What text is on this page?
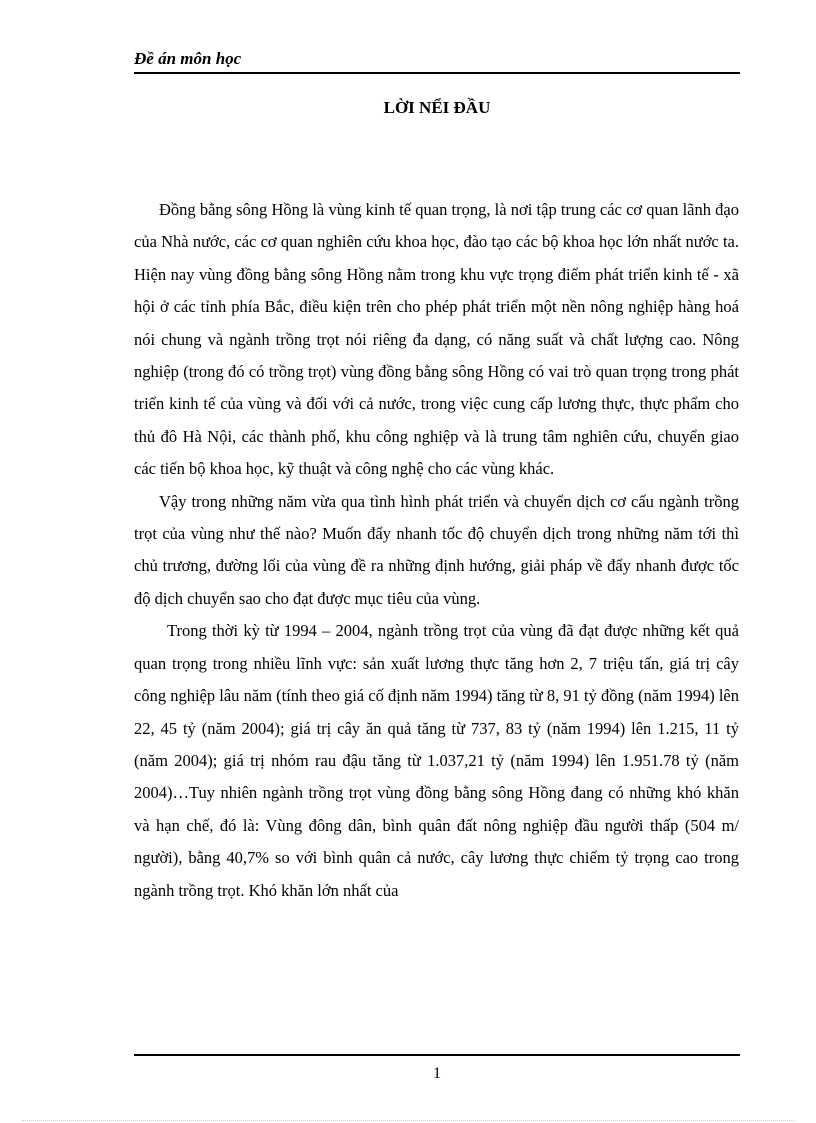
Đề án môn học
LỜI NỂI ĐẦU

Đồng bằng sông Hồng là vùng kinh tế quan trọng, là nơi tập trung các cơ quan lãnh đạo của Nhà nước, các cơ quan nghiên cứu khoa học, đào tạo các bộ khoa học lớn nhất nước ta. Hiện nay vùng đồng bằng sông Hồng nằm trong khu vực trọng điểm phát triển kinh tế - xã hội ở các tỉnh phía Bắc, điều kiện trên cho phép phát triển một nền nông nghiệp hàng hoá nói chung và ngành trồng trọt nói riêng đa dạng, có năng suất và chất lượng cao. Nông nghiệp (trong đó có trồng trọt) vùng đồng bằng sông Hồng có vai trò quan trọng trong phát triển kinh tế của vùng và đối với cả nước, trong việc cung cấp lương thực, thực phẩm cho thủ đô Hà Nội, các thành phố, khu công nghiệp và là trung tâm nghiên cứu, chuyển giao các tiến bộ khoa học, kỹ thuật và công nghệ cho các vùng khác.

Vậy trong những năm vừa qua tình hình phát triển và chuyển dịch cơ cấu ngành trồng trọt của vùng như thế nào? Muốn đẩy nhanh tốc độ chuyển dịch trong những năm tới thì chủ trương, đường lối của vùng đề ra những định hướng, giải pháp về đẩy nhanh được tốc độ dịch chuyển sao cho đạt được mục tiêu của vùng.

Trong thời kỳ từ 1994 – 2004, ngành trồng trọt của vùng đã đạt được những kết quả quan trọng trong nhiều lĩnh vực: sản xuất lương thực tăng hơn 2, 7 triệu tấn, giá trị cây công nghiệp lâu năm (tính theo giá cố định năm 1994) tăng từ 8, 91 tỷ đồng (năm 1994) lên 22, 45 tỷ (năm 2004); giá trị cây ăn quả tăng từ 737, 83 tỷ (năm 1994) lên 1.215, 11 tỷ (năm 2004); giá trị nhóm rau đậu tăng từ 1.037,21 tỷ (năm 1994) lên 1.951.78 tỷ (năm 2004)…Tuy nhiên ngành trồng trọt vùng đồng bằng sông Hồng đang có những khó khăn và hạn chế, đó là: Vùng đông dân, bình quân đất nông nghiệp đầu người thấp (504 m/ người), bằng 40,7% so với bình quân cả nước, cây lương thực chiếm tỷ trọng cao trong ngành trồng trọt. Khó khăn lớn nhất của

1
